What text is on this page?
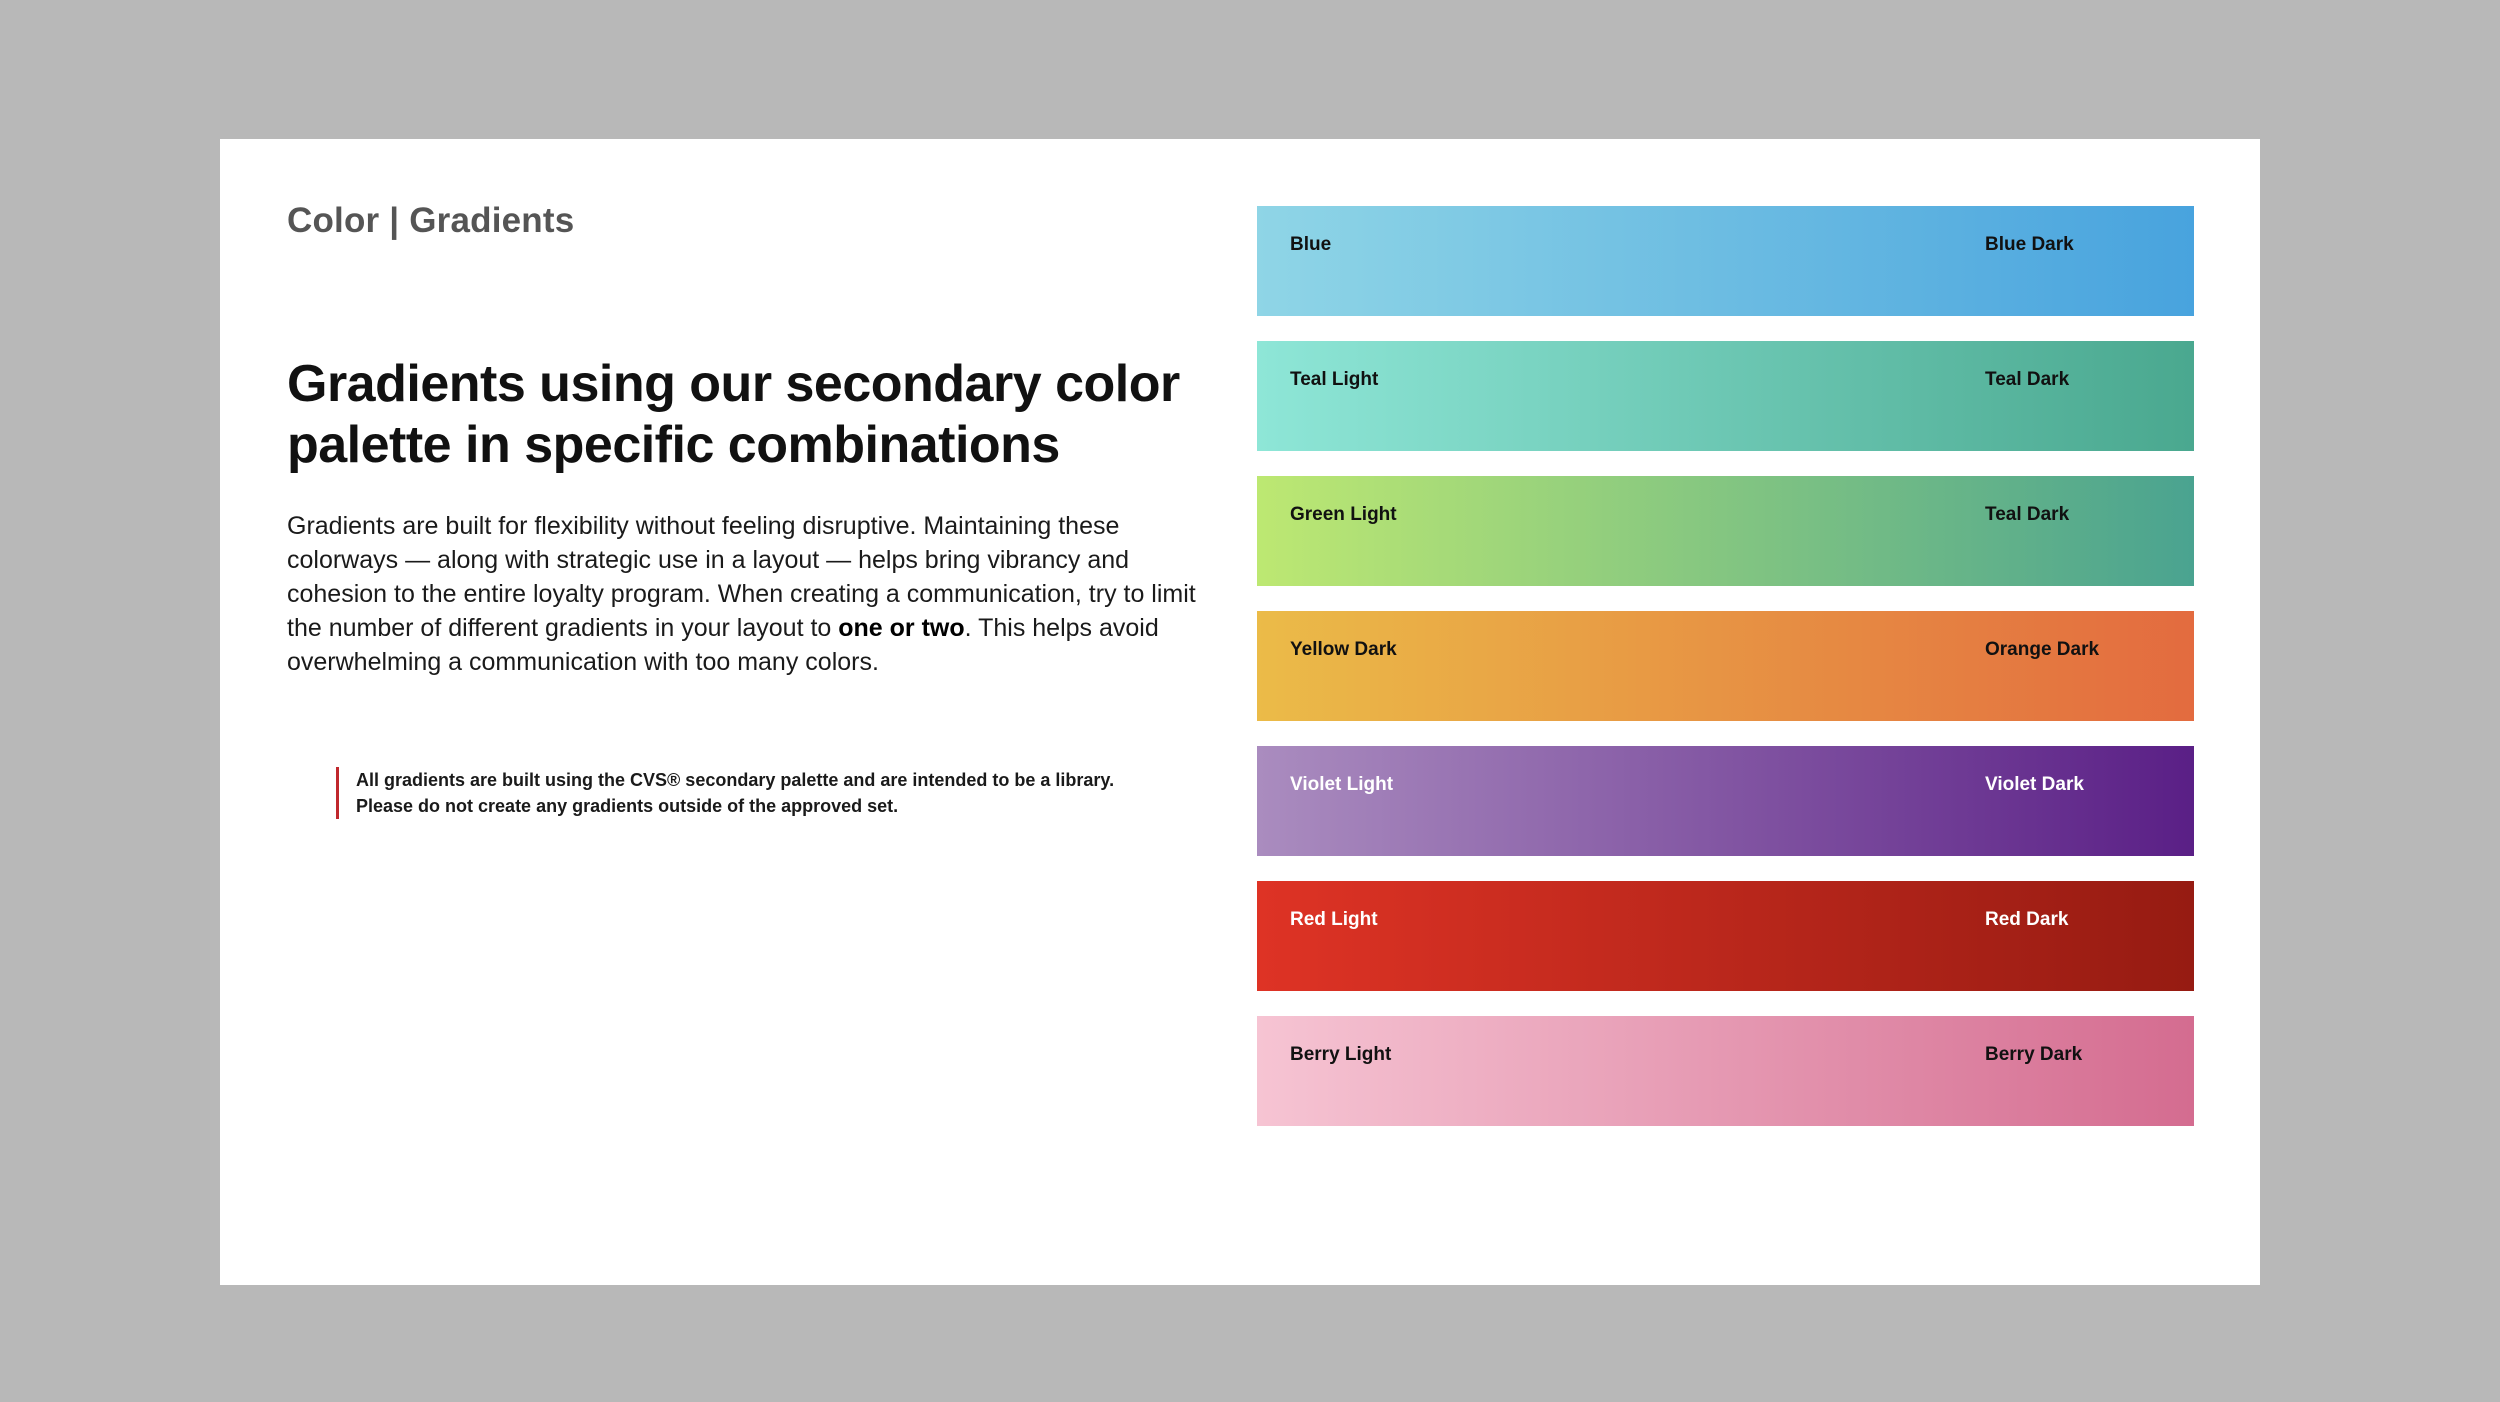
Color | Gradients
Gradients using our secondary color palette in specific combinations

Gradients are built for flexibility without feeling disruptive. Maintaining these colorways — along with strategic use in a layout — helps bring vibrancy and cohesion to the entire loyalty program. When creating a communication, try to limit the number of different gradients in your layout to one or two. This helps avoid overwhelming a communication with too many colors.

All gradients are built using the CVS® secondary palette and are intended to be a library.

Please do not create any gradients outside of the approved set.

Blue	Blue Dark
Teal Light	Teal Dark
Green Light	Teal Dark
Yellow Dark	Orange Dark
Violet Light	Violet Dark
Red Light	Red Dark
Berry Light	Berry Dark
